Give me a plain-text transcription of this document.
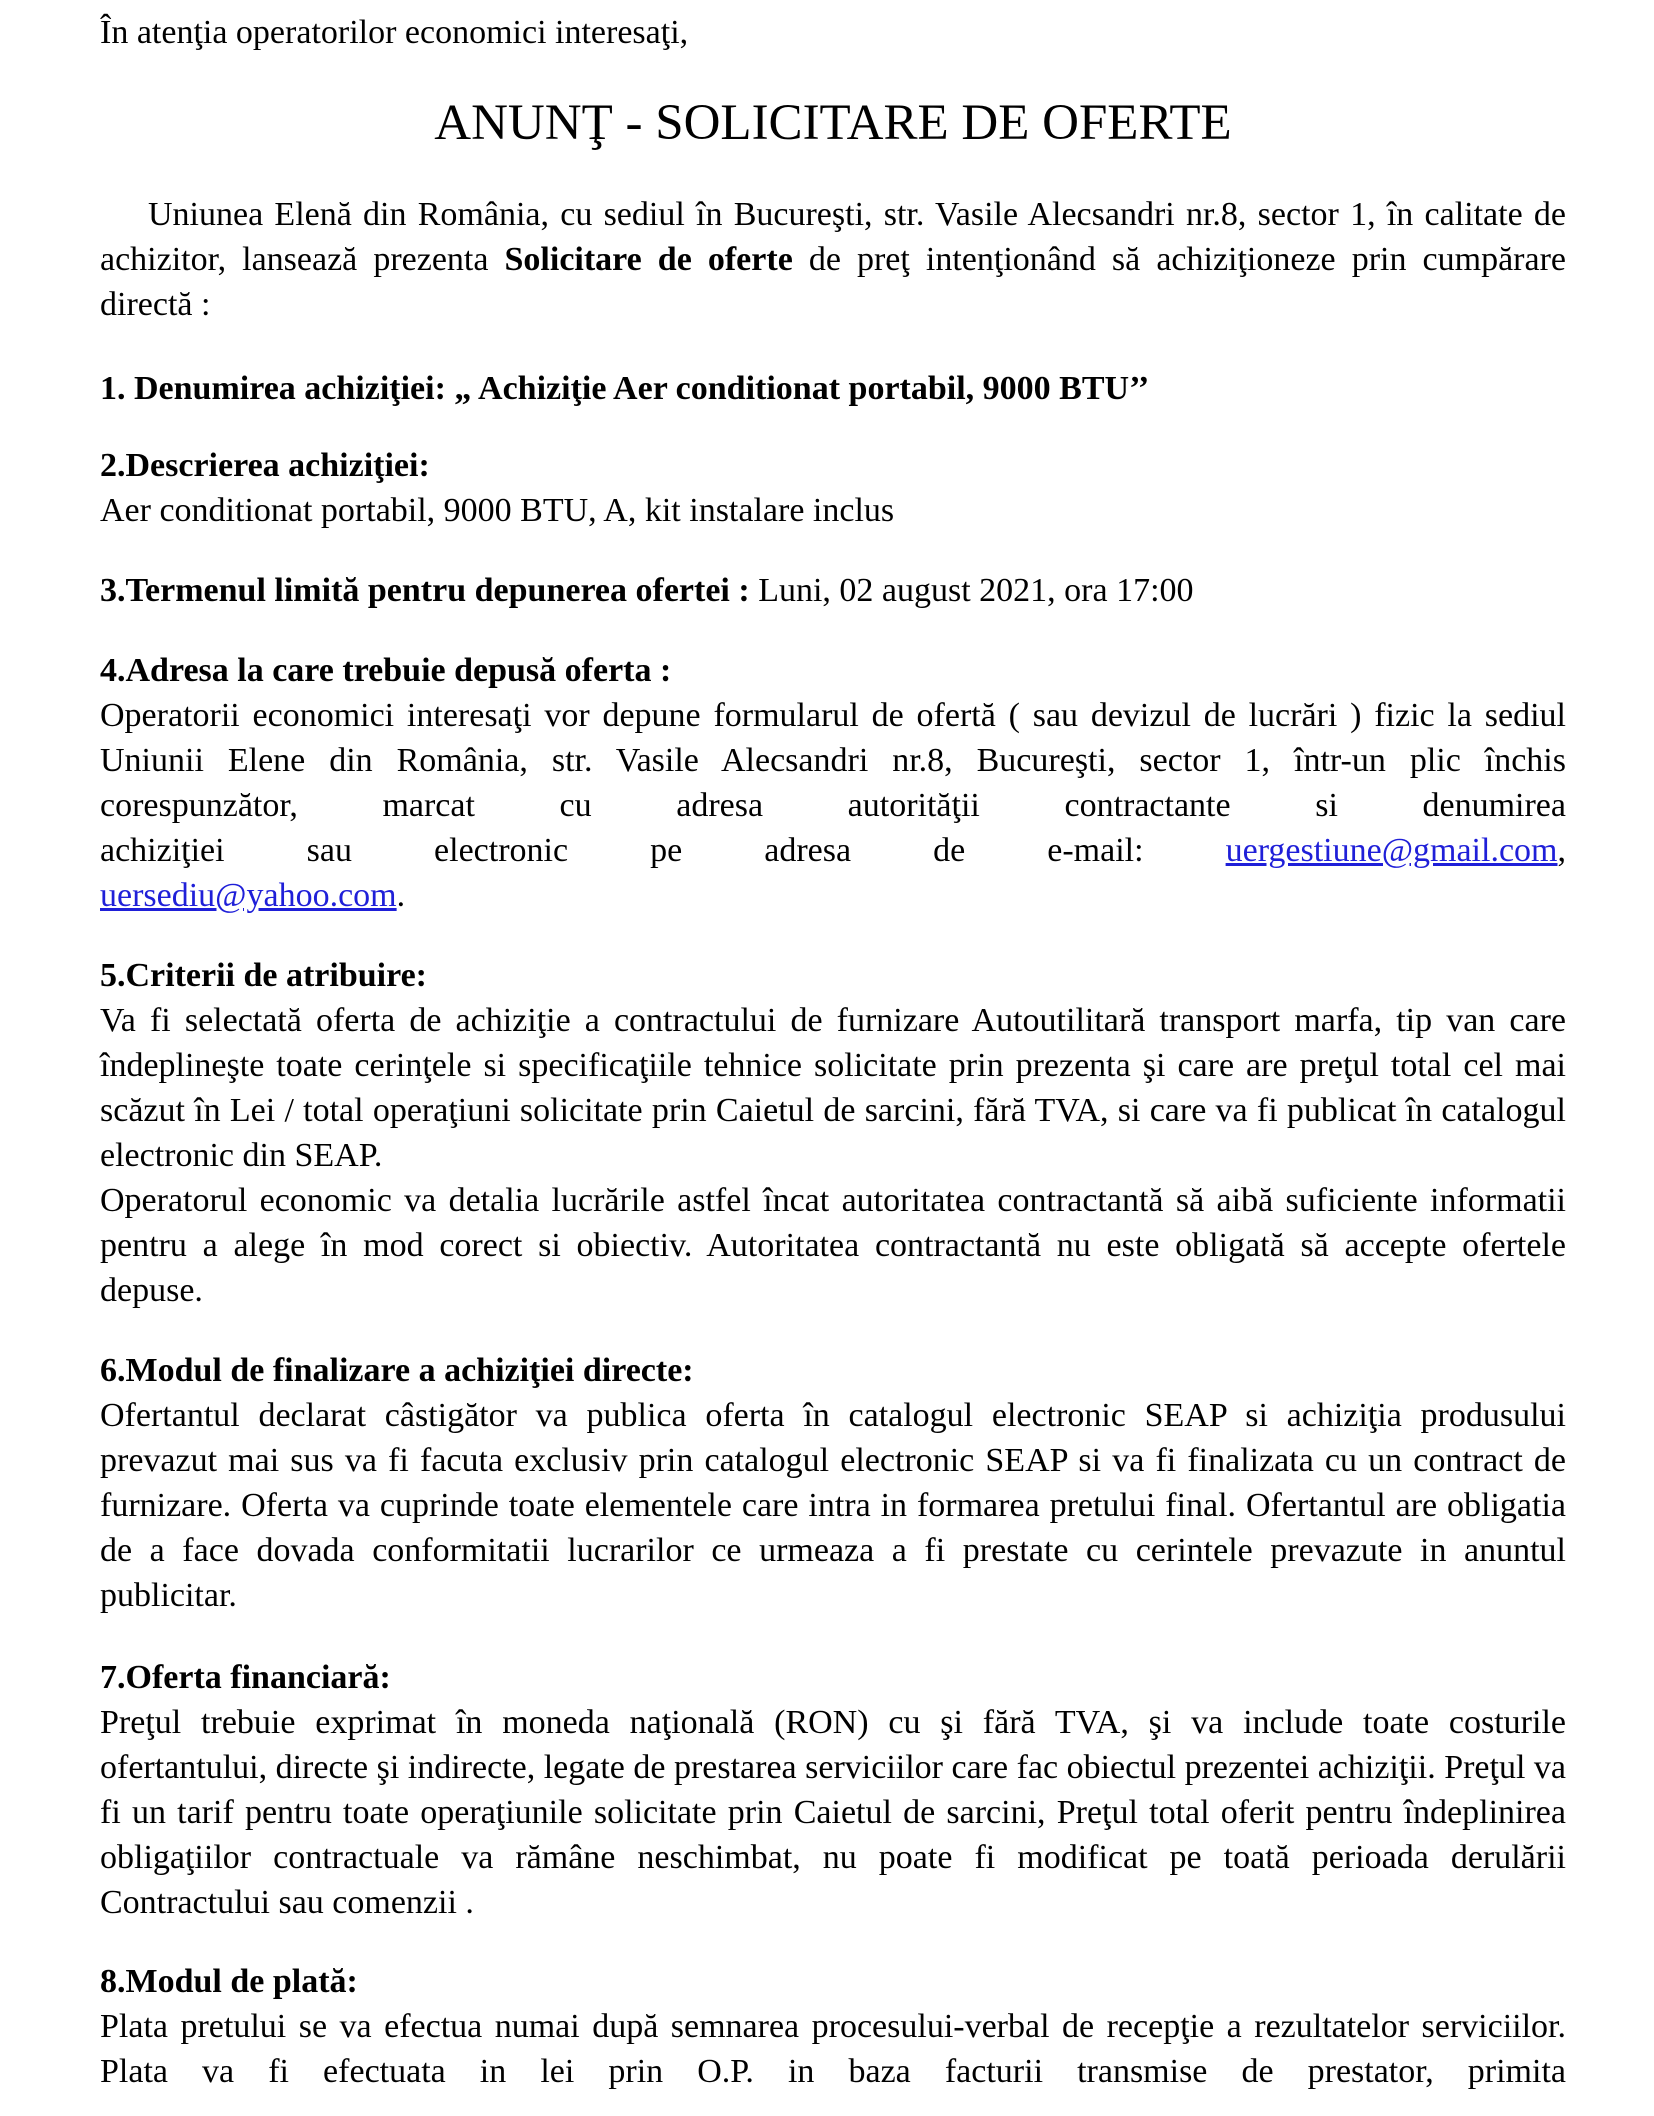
În atenţia operatorilor economici interesaţi,
ANUNŢ - SOLICITARE DE OFERTE

Uniunea Elenă din România, cu sediul în Bucureşti, str. Vasile Alecsandri nr.8, sector 1, în calitate de achizitor, lansează prezenta Solicitare de oferte de preţ intenţionând să achiziţioneze prin cumpărare directă :

1. Denumirea achiziţiei: „ Achiziţie Aer conditionat portabil, 9000 BTU’’

2.Descrierea achiziţiei:

Aer conditionat portabil, 9000 BTU, A, kit instalare inclus

3.Termenul limită pentru depunerea ofertei : Luni, 02 august 2021, ora 17:00

4.Adresa la care trebuie depusă oferta :

Operatorii economici interesaţi vor depune formularul de ofertă ( sau devizul de lucrări ) fizic la sediul Uniunii Elene din România, str. Vasile Alecsandri nr.8, Bucureşti, sector 1, într-un plic închis corespunzător, marcat cu adresa autorităţii contractante si denumirea

achiziţiei sau electronic pe adresa de e-mail: uergestiune@gmail.com,

uersediu@yahoo.com.

5.Criterii de atribuire:

Va fi selectată oferta de achiziţie a contractului de furnizare Autoutilitară transport marfa, tip van care îndeplineşte toate cerinţele si specificaţiile tehnice solicitate prin prezenta şi care are preţul total cel mai scăzut în Lei / total operaţiuni solicitate prin Caietul de sarcini, fără TVA, si care va fi publicat în catalogul electronic din SEAP.

Operatorul economic va detalia lucrările astfel încat autoritatea contractantă să aibă suficiente informatii pentru a alege în mod corect si obiectiv. Autoritatea contractantă nu este obligată să accepte ofertele depuse.

6.Modul de finalizare a achiziţiei directe:

Ofertantul declarat câstigător va publica oferta în catalogul electronic SEAP si achiziţia produsului prevazut mai sus va fi facuta exclusiv prin catalogul electronic SEAP si va fi finalizata cu un contract de furnizare. Oferta va cuprinde toate elementele care intra in formarea pretului final. Ofertantul are obligatia de a face dovada conformitatii lucrarilor ce urmeaza a fi prestate cu cerintele prevazute in anuntul publicitar.

7.Oferta financiară:

Preţul trebuie exprimat în moneda naţională (RON) cu şi fără TVA, şi va include toate costurile ofertantului, directe şi indirecte, legate de prestarea serviciilor care fac obiectul prezentei achiziţii. Preţul va fi un tarif pentru toate operaţiunile solicitate prin Caietul de sarcini, Preţul total oferit pentru îndeplinirea obligaţiilor contractuale va rămâne neschimbat, nu poate fi modificat pe toată perioada derulării Contractului sau comenzii .

8.Modul de plată:

Plata pretului se va efectua numai după semnarea procesului-verbal de recepţie a rezultatelor serviciilor. Plata va fi efectuata in lei prin O.P. in baza facturii transmise de prestator, primita
